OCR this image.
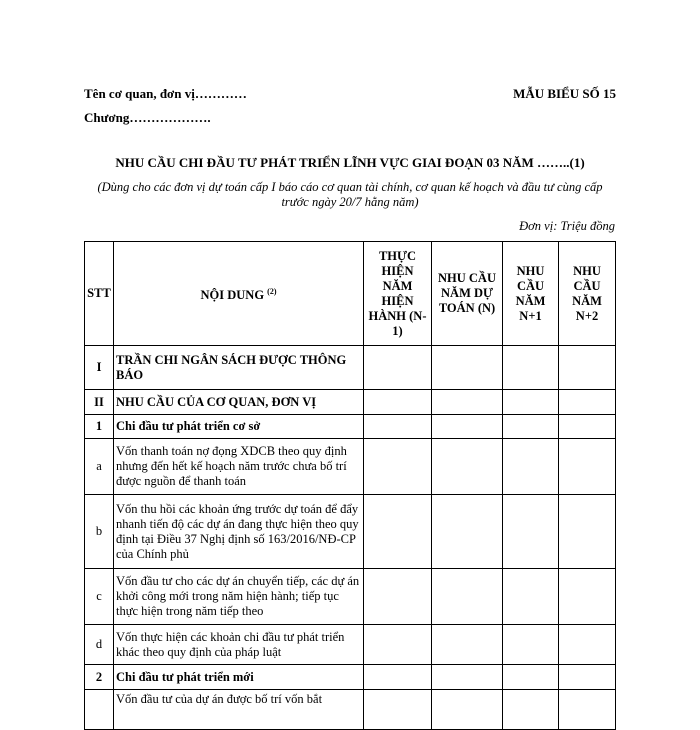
Tên cơ quan, đơn vị…………
Chương……………….
MẪU BIỂU SỐ 15
NHU CẦU CHI ĐẦU TƯ PHÁT TRIỂN LĨNH VỰC GIAI ĐOẠN 03 NĂM ……..(1)
(Dùng cho các đơn vị dự toán cấp I báo cáo cơ quan tài chính, cơ quan kế hoạch và đầu tư cùng cấp trước ngày 20/7 hằng năm)
Đơn vị: Triệu đồng
STT	NỘI DUNG $^{(2)}$	THỰC HIỆN NĂM HIỆN HÀNH (N-1)	NHU CẦU NĂM DỰ TOÁN (N)	NHU CẦU NĂM N+1	NHU CẦU NĂM N+2
I	TRẦN CHI NGÂN SÁCH ĐƯỢC THÔNG BÁO				
II	NHU CẦU CỦA CƠ QUAN, ĐƠN VỊ				
1	Chi đầu tư phát triển cơ sở				
a	Vốn thanh toán nợ đọng XDCB theo quy định nhưng đến hết kế hoạch năm trước chưa bố trí được nguồn để thanh toán				
b	Vốn thu hồi các khoản ứng trước dự toán để đẩy nhanh tiến độ các dự án đang thực hiện theo quy định tại Điều 37 Nghị định số 163/2016/NĐ-CP của Chính phủ				
c	Vốn đầu tư cho các dự án chuyển tiếp, các dự án khởi công mới trong năm hiện hành; tiếp tục thực hiện trong năm tiếp theo				
d	Vốn thực hiện các khoản chi đầu tư phát triển khác theo quy định của pháp luật				
2	Chi đầu tư phát triển mới				
	Vốn đầu tư của dự án được bố trí vốn bắt				
